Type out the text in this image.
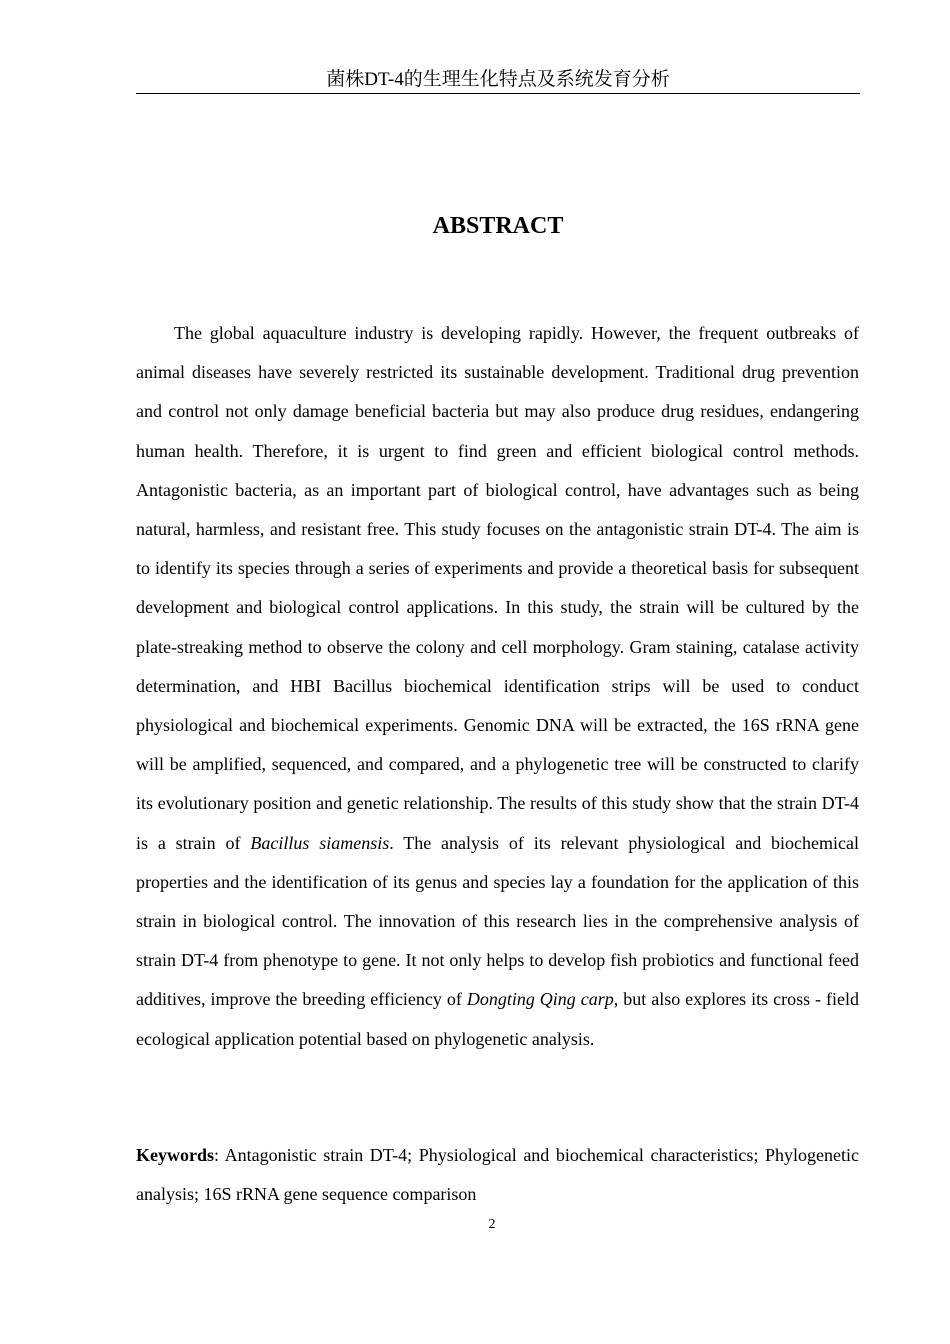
菌株DT-4的生理生化特点及系统发育分析
ABSTRACT

The global aquaculture industry is developing rapidly. However, the frequent outbreaks of animal diseases have severely restricted its sustainable development. Traditional drug prevention and control not only damage beneficial bacteria but may also produce drug residues, endangering human health. Therefore, it is urgent to find green and efficient biological control methods. Antagonistic bacteria, as an important part of biological control, have advantages such as being natural, harmless, and resistant free. This study focuses on the antagonistic strain DT-4. The aim is to identify its species through a series of experiments and provide a theoretical basis for subsequent development and biological control applications. In this study, the strain will be cultured by the plate-streaking method to observe the colony and cell morphology. Gram staining, catalase activity determination, and HBI Bacillus biochemical identification strips will be used to conduct physiological and biochemical experiments. Genomic DNA will be extracted, the 16S rRNA gene will be amplified, sequenced, and compared, and a phylogenetic tree will be constructed to clarify its evolutionary position and genetic relationship. The results of this study show that the strain DT-4 is a strain of Bacillus siamensis. The analysis of its relevant physiological and biochemical properties and the identification of its genus and species lay a foundation for the application of this strain in biological control. The innovation of this research lies in the comprehensive analysis of strain DT-4 from phenotype to gene. It not only helps to develop fish probiotics and functional feed additives, improve the breeding efficiency of Dongting Qing carp, but also explores its cross - field ecological application potential based on phylogenetic analysis.

Keywords: Antagonistic strain DT-4; Physiological and biochemical characteristics; Phylogenetic analysis; 16S rRNA gene sequence comparison

2
